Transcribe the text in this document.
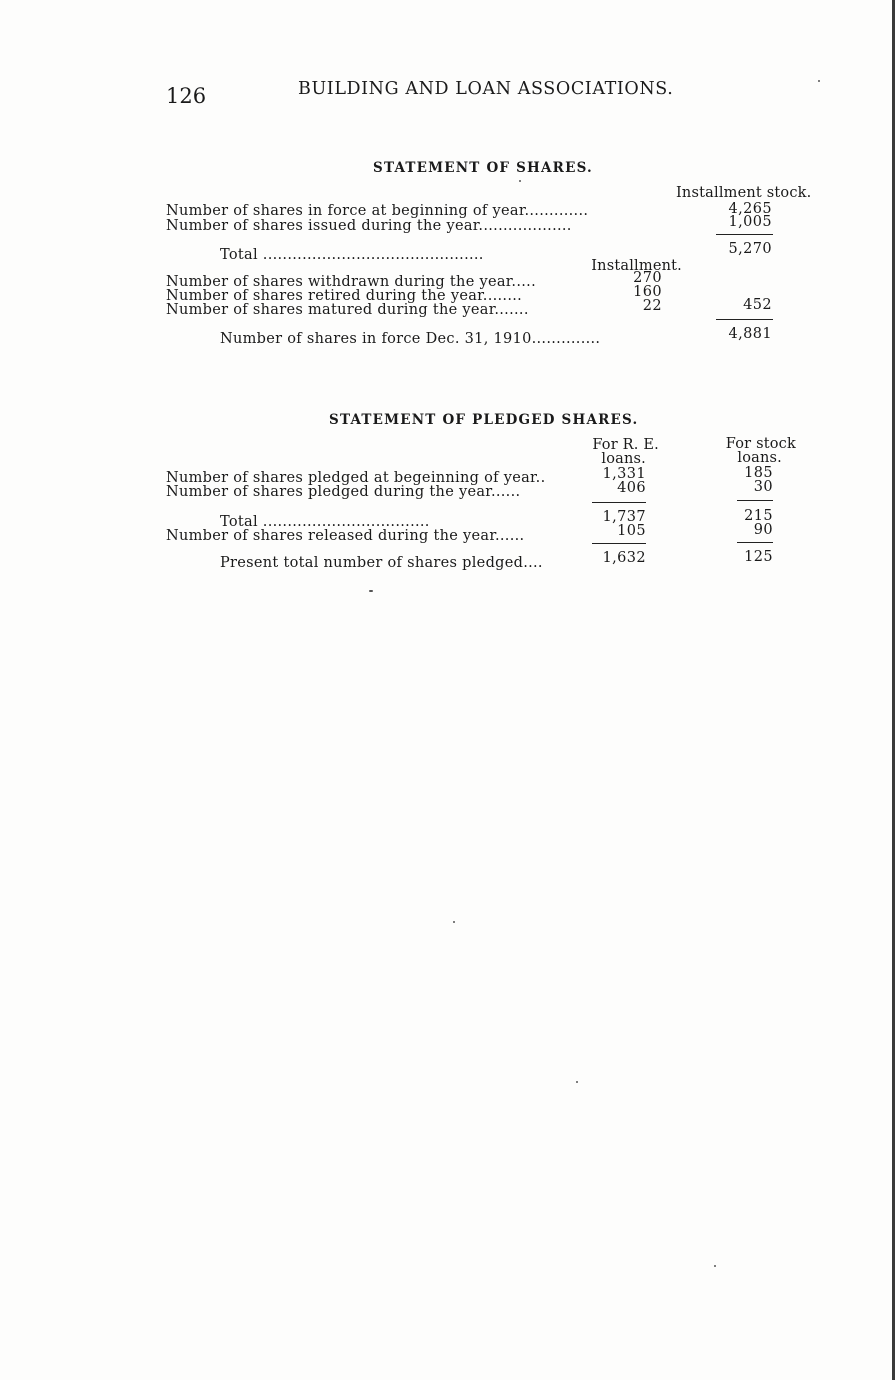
126	BUILDING AND LOAN ASSOCIATIONS.
STATEMENT OF SHARES.
Installment stock.
Number of shares in force at beginning of year.............	4,265
Number of shares issued during the year...................	1,005
Total .............................................	5,270
Installment.
Number of shares withdrawn during the year.....	270
Number of shares retired during the year........	160
Number of shares matured during the year.......	22	452
Number of shares in force Dec. 31, 1910..............	4,881
STATEMENT OF PLEDGED SHARES.
For R. E.
loans.
For stock
loans.
Number of shares pledged at begeinning of year..	1,331	185
Number of shares pledged during the year......	406	30
Total ..................................	1,737	215
Number of shares released during the year......	105	90
Present total number of shares pledged....	1,632	125
